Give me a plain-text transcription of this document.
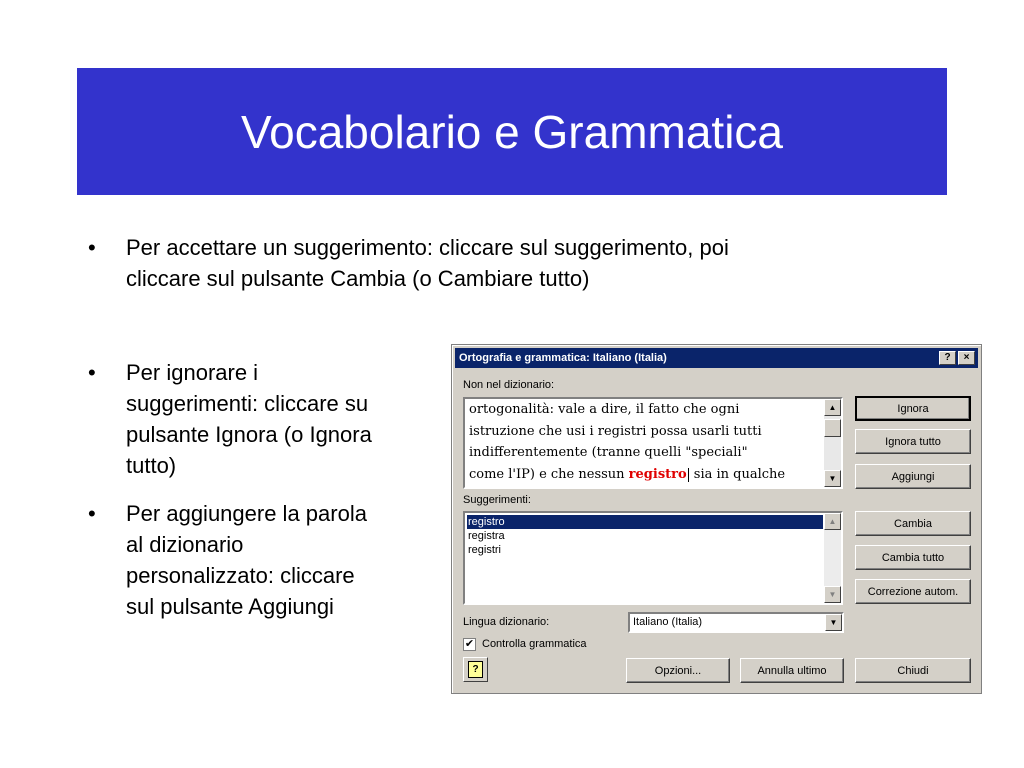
Vocabolario e Grammatica
• Per accettare un suggerimento: cliccare sul suggerimento, poi
cliccare sul pulsante Cambia (o Cambiare tutto)
• Per ignorare i
suggerimenti: cliccare su
pulsante Ignora (o Ignora
tutto)
• Per aggiungere la parola
al dizionario
personalizzato: cliccare
sul pulsante Aggiungi
Ortografia e grammatica: Italiano (Italia)	?	×
Non nel dizionario:
ortogonalità: vale a dire, il fatto che ogni
istruzione che usi i registri possa usarli tutti
indifferentemente (tranne quelli "speciali"
come l'IP) e che nessun registro sia in qualche
▲
▼
Ignora
Ignora tutto
Aggiungi
Suggerimenti:
registro
registra
registri
▲
▼
Cambia
Cambia tutto
Correzione autom.
Lingua dizionario:	Italiano (Italia)	▼
✔ Controlla grammatica
?	Opzioni...	Annulla ultimo	Chiudi
